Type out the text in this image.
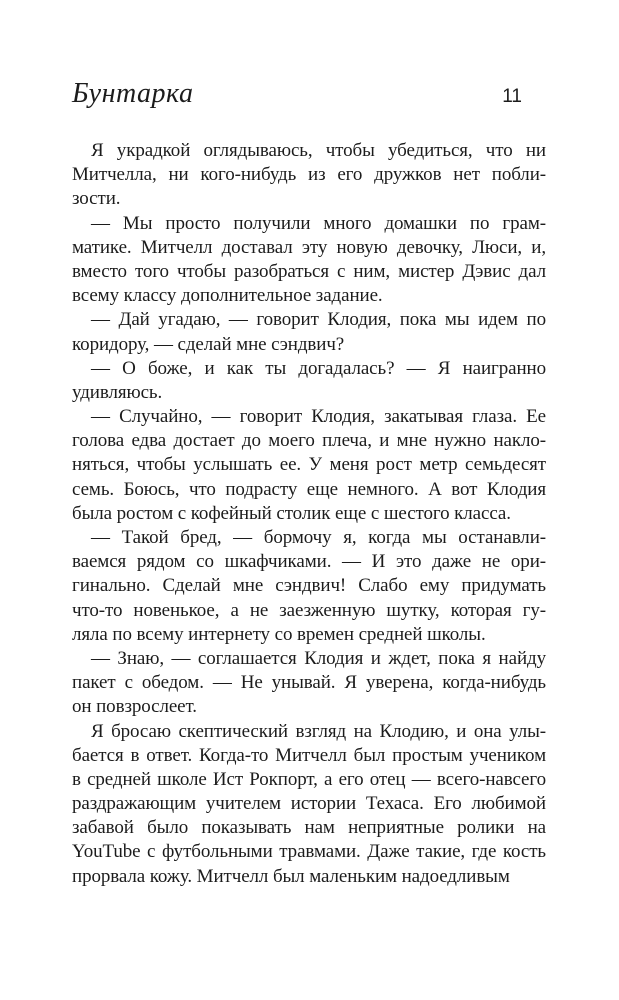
Бунтарка	11
Я украдкой оглядываюсь, чтобы убедиться, что ни
Митчелла, ни кого-нибудь из его дружков нет побли-
зости.
— Мы просто получили много домашки по грам-
матике. Митчелл доставал эту новую девочку, Люси, и,
вместо того чтобы разобраться с ним, мистер Дэвис дал
всему классу дополнительное задание.
— Дай угадаю, — говорит Клодия, пока мы идем по
коридору, — сделай мне сэндвич?
— О боже, и как ты догадалась? — Я наигранно
удивляюсь.
— Случайно, — говорит Клодия, закатывая глаза. Ее
голова едва достает до моего плеча, и мне нужно накло-
няться, чтобы услышать ее. У меня рост метр семьдесят
семь. Боюсь, что подрасту еще немного. А вот Клодия
была ростом с кофейный столик еще с шестого класса.
— Такой бред, — бормочу я, когда мы останавли-
ваемся рядом со шкафчиками. — И это даже не ори-
гинально. Сделай мне сэндвич! Слабо ему придумать
что-то новенькое, а не заезженную шутку, которая гу-
ляла по всему интернету со времен средней школы.
— Знаю, — соглашается Клодия и ждет, пока я найду
пакет с обедом. — Не унывай. Я уверена, когда-нибудь
он повзрослеет.
Я бросаю скептический взгляд на Клодию, и она улы-
бается в ответ. Когда-то Митчелл был простым учеником
в средней школе Ист Рокпорт, а его отец — всего-навсего
раздражающим учителем истории Техаса. Его любимой
забавой было показывать нам неприятные ролики на
YouTube с футбольными травмами. Даже такие, где кость
прорвала кожу. Митчелл был маленьким надоедливым
